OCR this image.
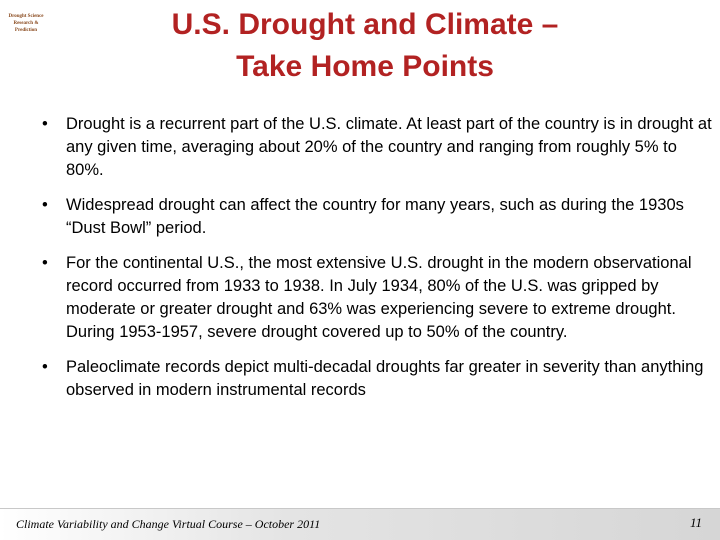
Drought Science
Research & Prediction	U.S. Drought and Climate –
Take Home Points
• Drought is a recurrent part of the U.S. climate. At least part of the country is in drought at any given time, averaging about 20% of the country and ranging from roughly 5% to 80%.
• Widespread drought can affect the country for many years, such as during the 1930s “Dust Bowl” period.
• For the continental U.S., the most extensive U.S. drought in the modern observational record occurred from 1933 to 1938. In July 1934, 80% of the U.S. was gripped by moderate or greater drought and 63% was experiencing severe to extreme drought. During 1953-1957, severe drought covered up to 50% of the country.
• Paleoclimate records depict multi-decadal droughts far greater in severity than anything observed in modern instrumental records
Climate Variability and Change Virtual Course – October 2011	11
